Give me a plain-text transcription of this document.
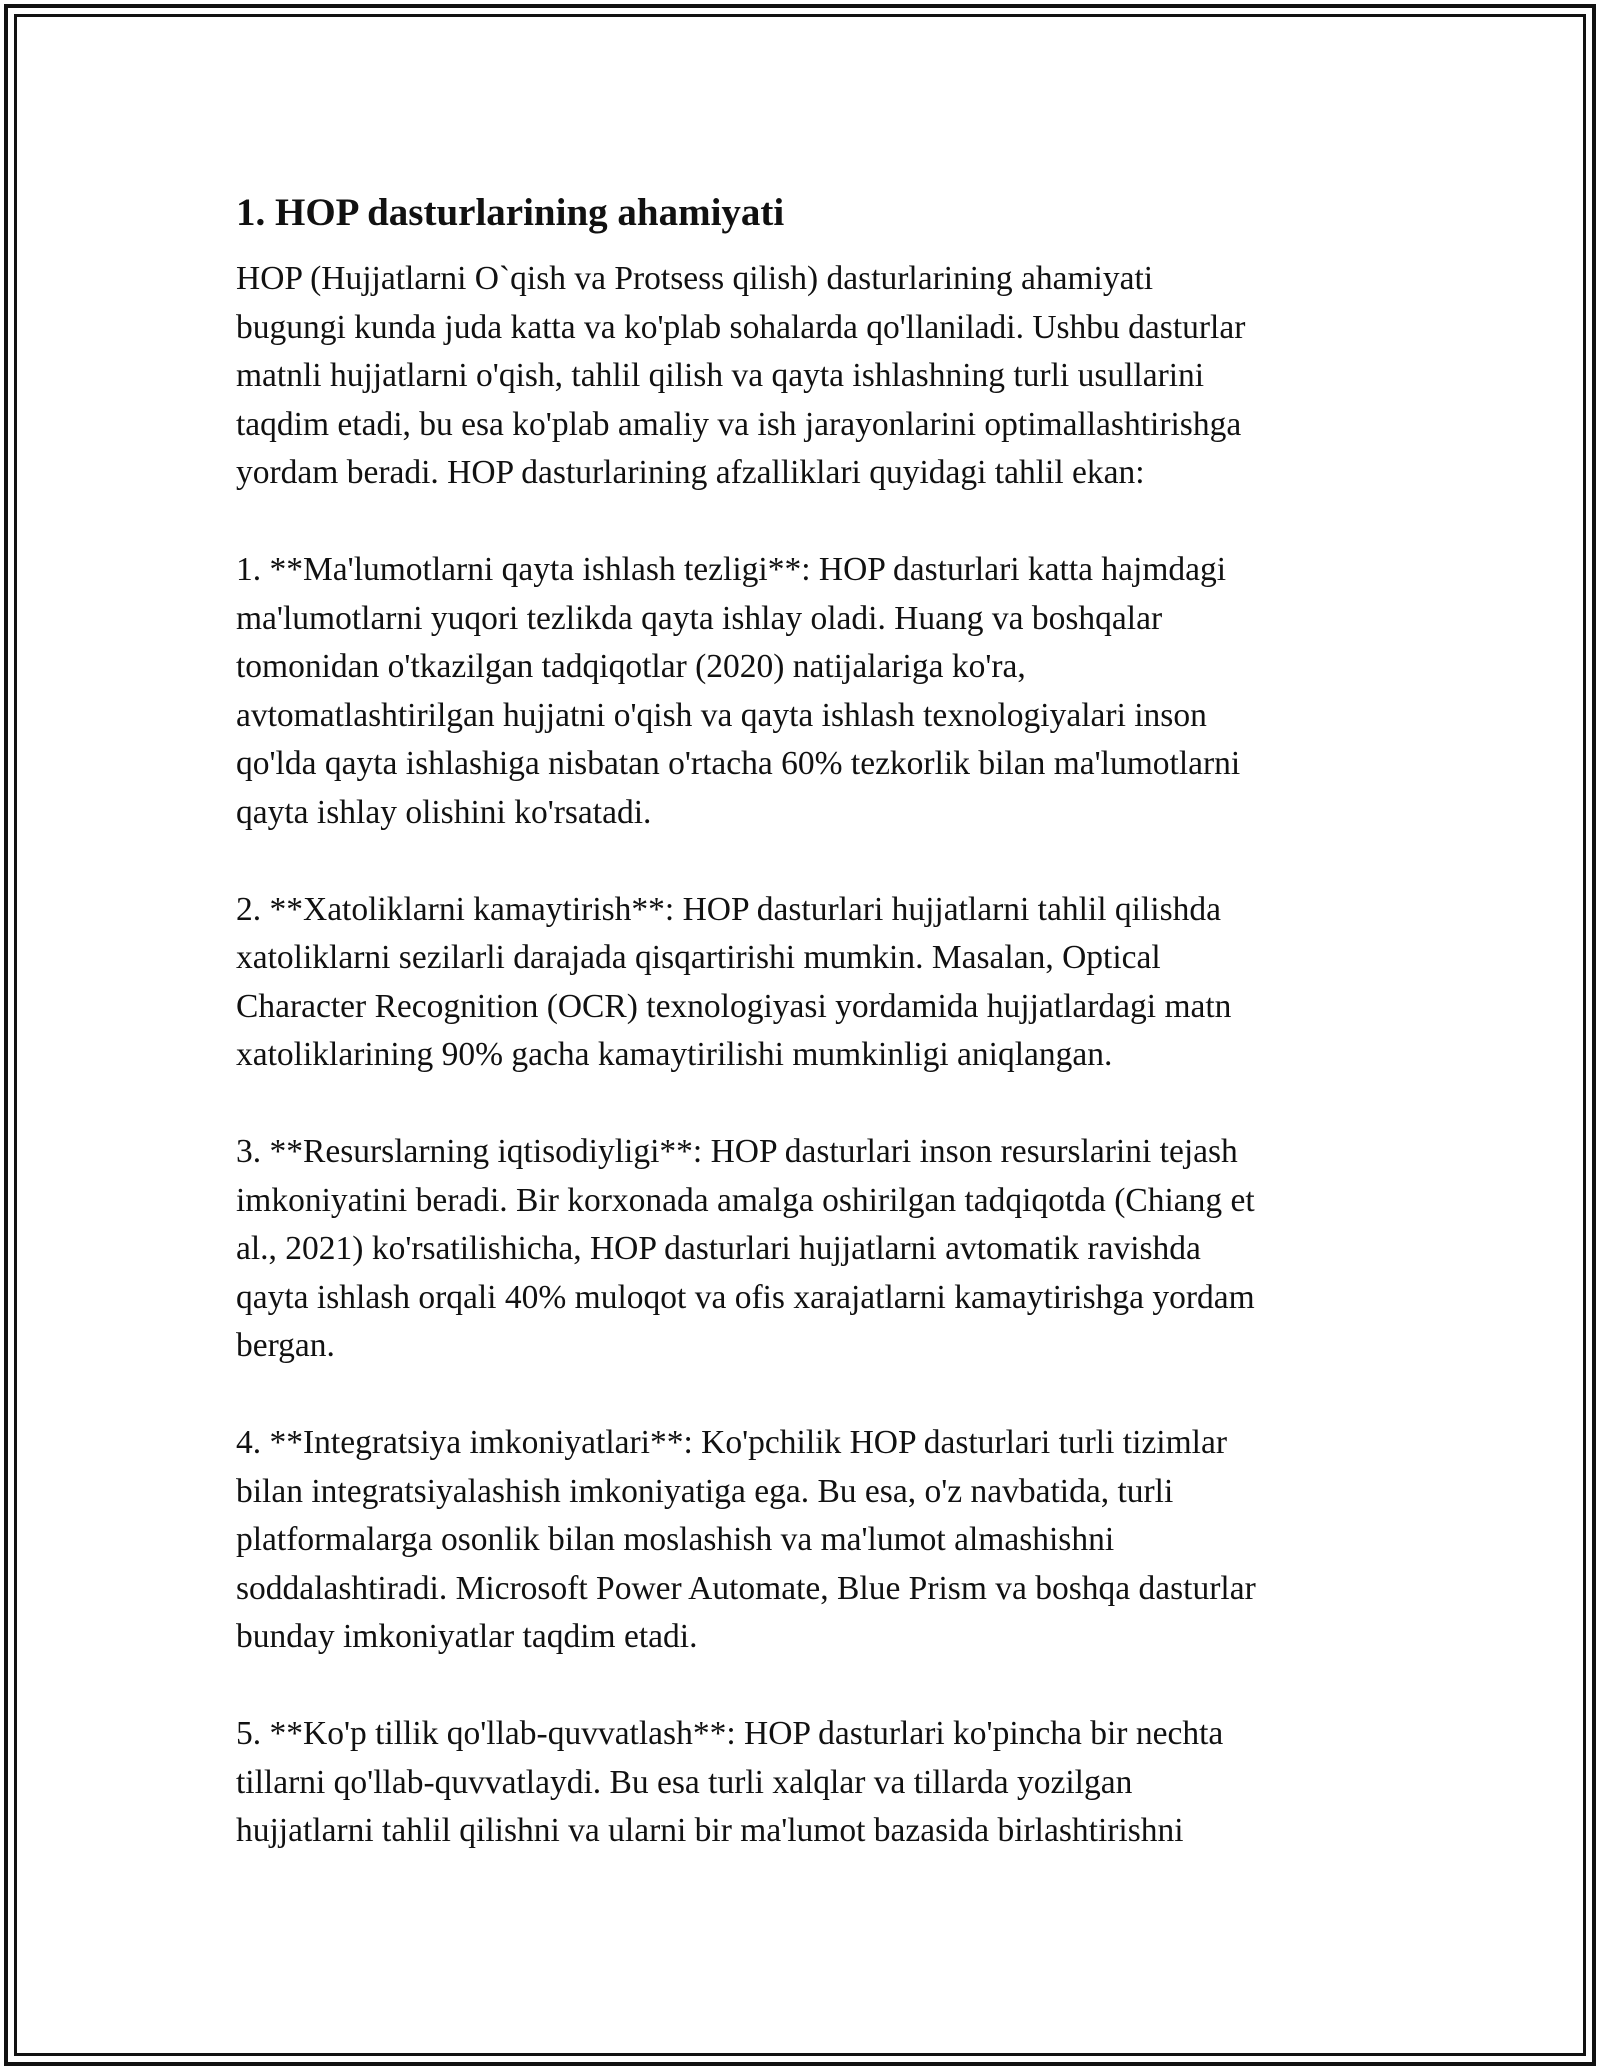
1. HOP dasturlarining ahamiyati

HOP (Hujjatlarni O`qish va Protsess qilish) dasturlarining ahamiyati
bugungi kunda juda katta va ko'plab sohalarda qo'llaniladi. Ushbu dasturlar
matnli hujjatlarni o'qish, tahlil qilish va qayta ishlashning turli usullarini
taqdim etadi, bu esa ko'plab amaliy va ish jarayonlarini optimallashtirishga
yordam beradi. HOP dasturlarining afzalliklari quyidagi tahlil ekan:

1. **Ma'lumotlarni qayta ishlash tezligi**: HOP dasturlari katta hajmdagi
ma'lumotlarni yuqori tezlikda qayta ishlay oladi. Huang va boshqalar
tomonidan o'tkazilgan tadqiqotlar (2020) natijalariga ko'ra,
avtomatlashtirilgan hujjatni o'qish va qayta ishlash texnologiyalari inson
qo'lda qayta ishlashiga nisbatan o'rtacha 60% tezkorlik bilan ma'lumotlarni
qayta ishlay olishini ko'rsatadi.

2. **Xatoliklarni kamaytirish**: HOP dasturlari hujjatlarni tahlil qilishda
xatoliklarni sezilarli darajada qisqartirishi mumkin. Masalan, Optical
Character Recognition (OCR) texnologiyasi yordamida hujjatlardagi matn
xatoliklarining 90% gacha kamaytirilishi mumkinligi aniqlangan.

3. **Resurslarning iqtisodiyligi**: HOP dasturlari inson resurslarini tejash
imkoniyatini beradi. Bir korxonada amalga oshirilgan tadqiqotda (Chiang et
al., 2021) ko'rsatilishicha, HOP dasturlari hujjatlarni avtomatik ravishda
qayta ishlash orqali 40% muloqot va ofis xarajatlarni kamaytirishga yordam
bergan.

4. **Integratsiya imkoniyatlari**: Ko'pchilik HOP dasturlari turli tizimlar
bilan integratsiyalashish imkoniyatiga ega. Bu esa, o'z navbatida, turli
platformalarga osonlik bilan moslashish va ma'lumot almashishni
soddalashtiradi. Microsoft Power Automate, Blue Prism va boshqa dasturlar
bunday imkoniyatlar taqdim etadi.

5. **Ko'p tillik qo'llab-quvvatlash**: HOP dasturlari ko'pincha bir nechta
tillarni qo'llab-quvvatlaydi. Bu esa turli xalqlar va tillarda yozilgan
hujjatlarni tahlil qilishni va ularni bir ma'lumot bazasida birlashtirishni
